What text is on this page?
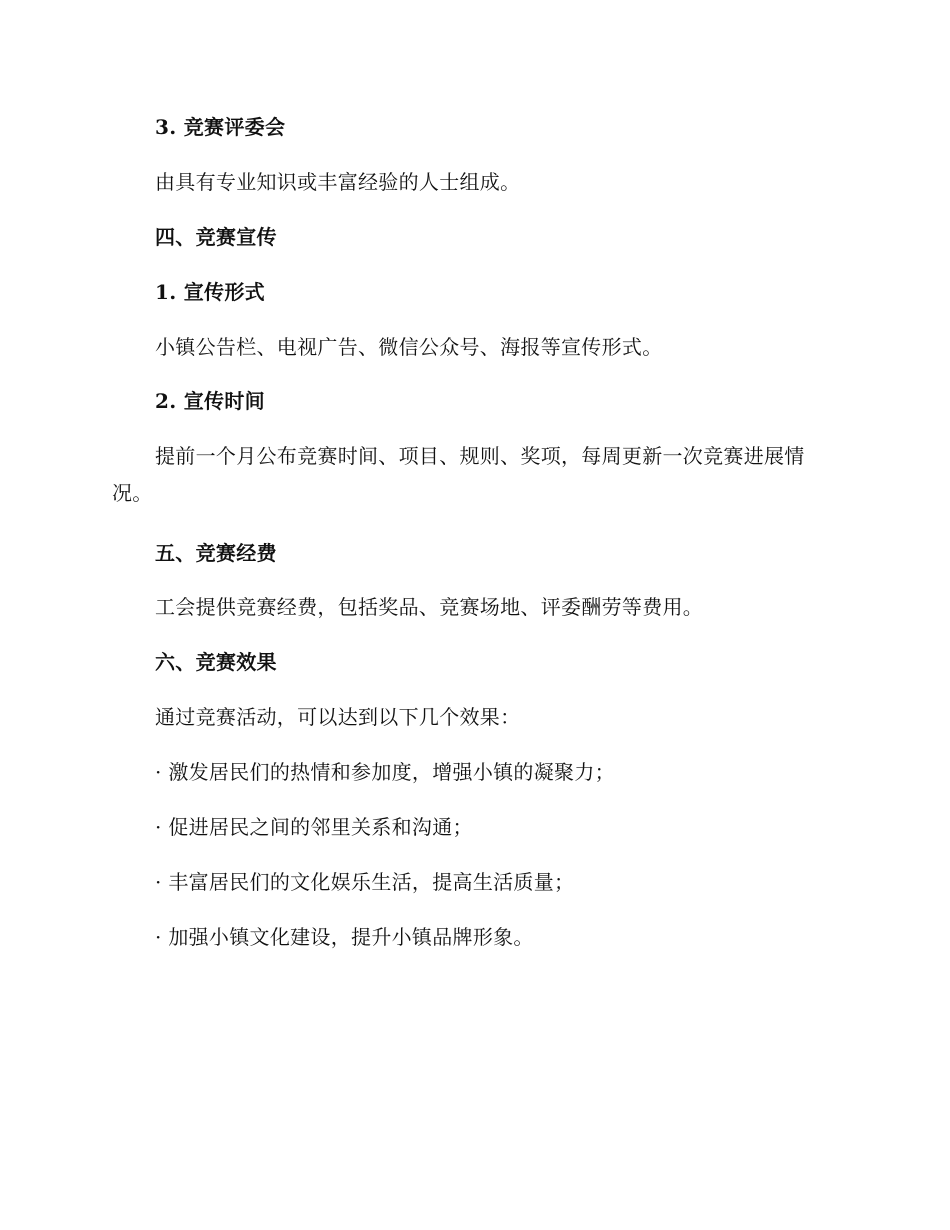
3. 竞赛评委会

由具有专业知识或丰富经验的人士组成。

四、竞赛宣传

1. 宣传形式

小镇公告栏、电视广告、微信公众号、海报等宣传形式。

2. 宣传时间

提前一个月公布竞赛时间、项目、规则、奖项，每周更新一次竞赛进展情况。

五、竞赛经费

工会提供竞赛经费，包括奖品、竞赛场地、评委酬劳等费用。

六、竞赛效果

通过竞赛活动，可以达到以下几个效果：

· 激发居民们的热情和参加度，增强小镇的凝聚力；

· 促进居民之间的邻里关系和沟通；

· 丰富居民们的文化娱乐生活，提高生活质量；

· 加强小镇文化建设，提升小镇品牌形象。
